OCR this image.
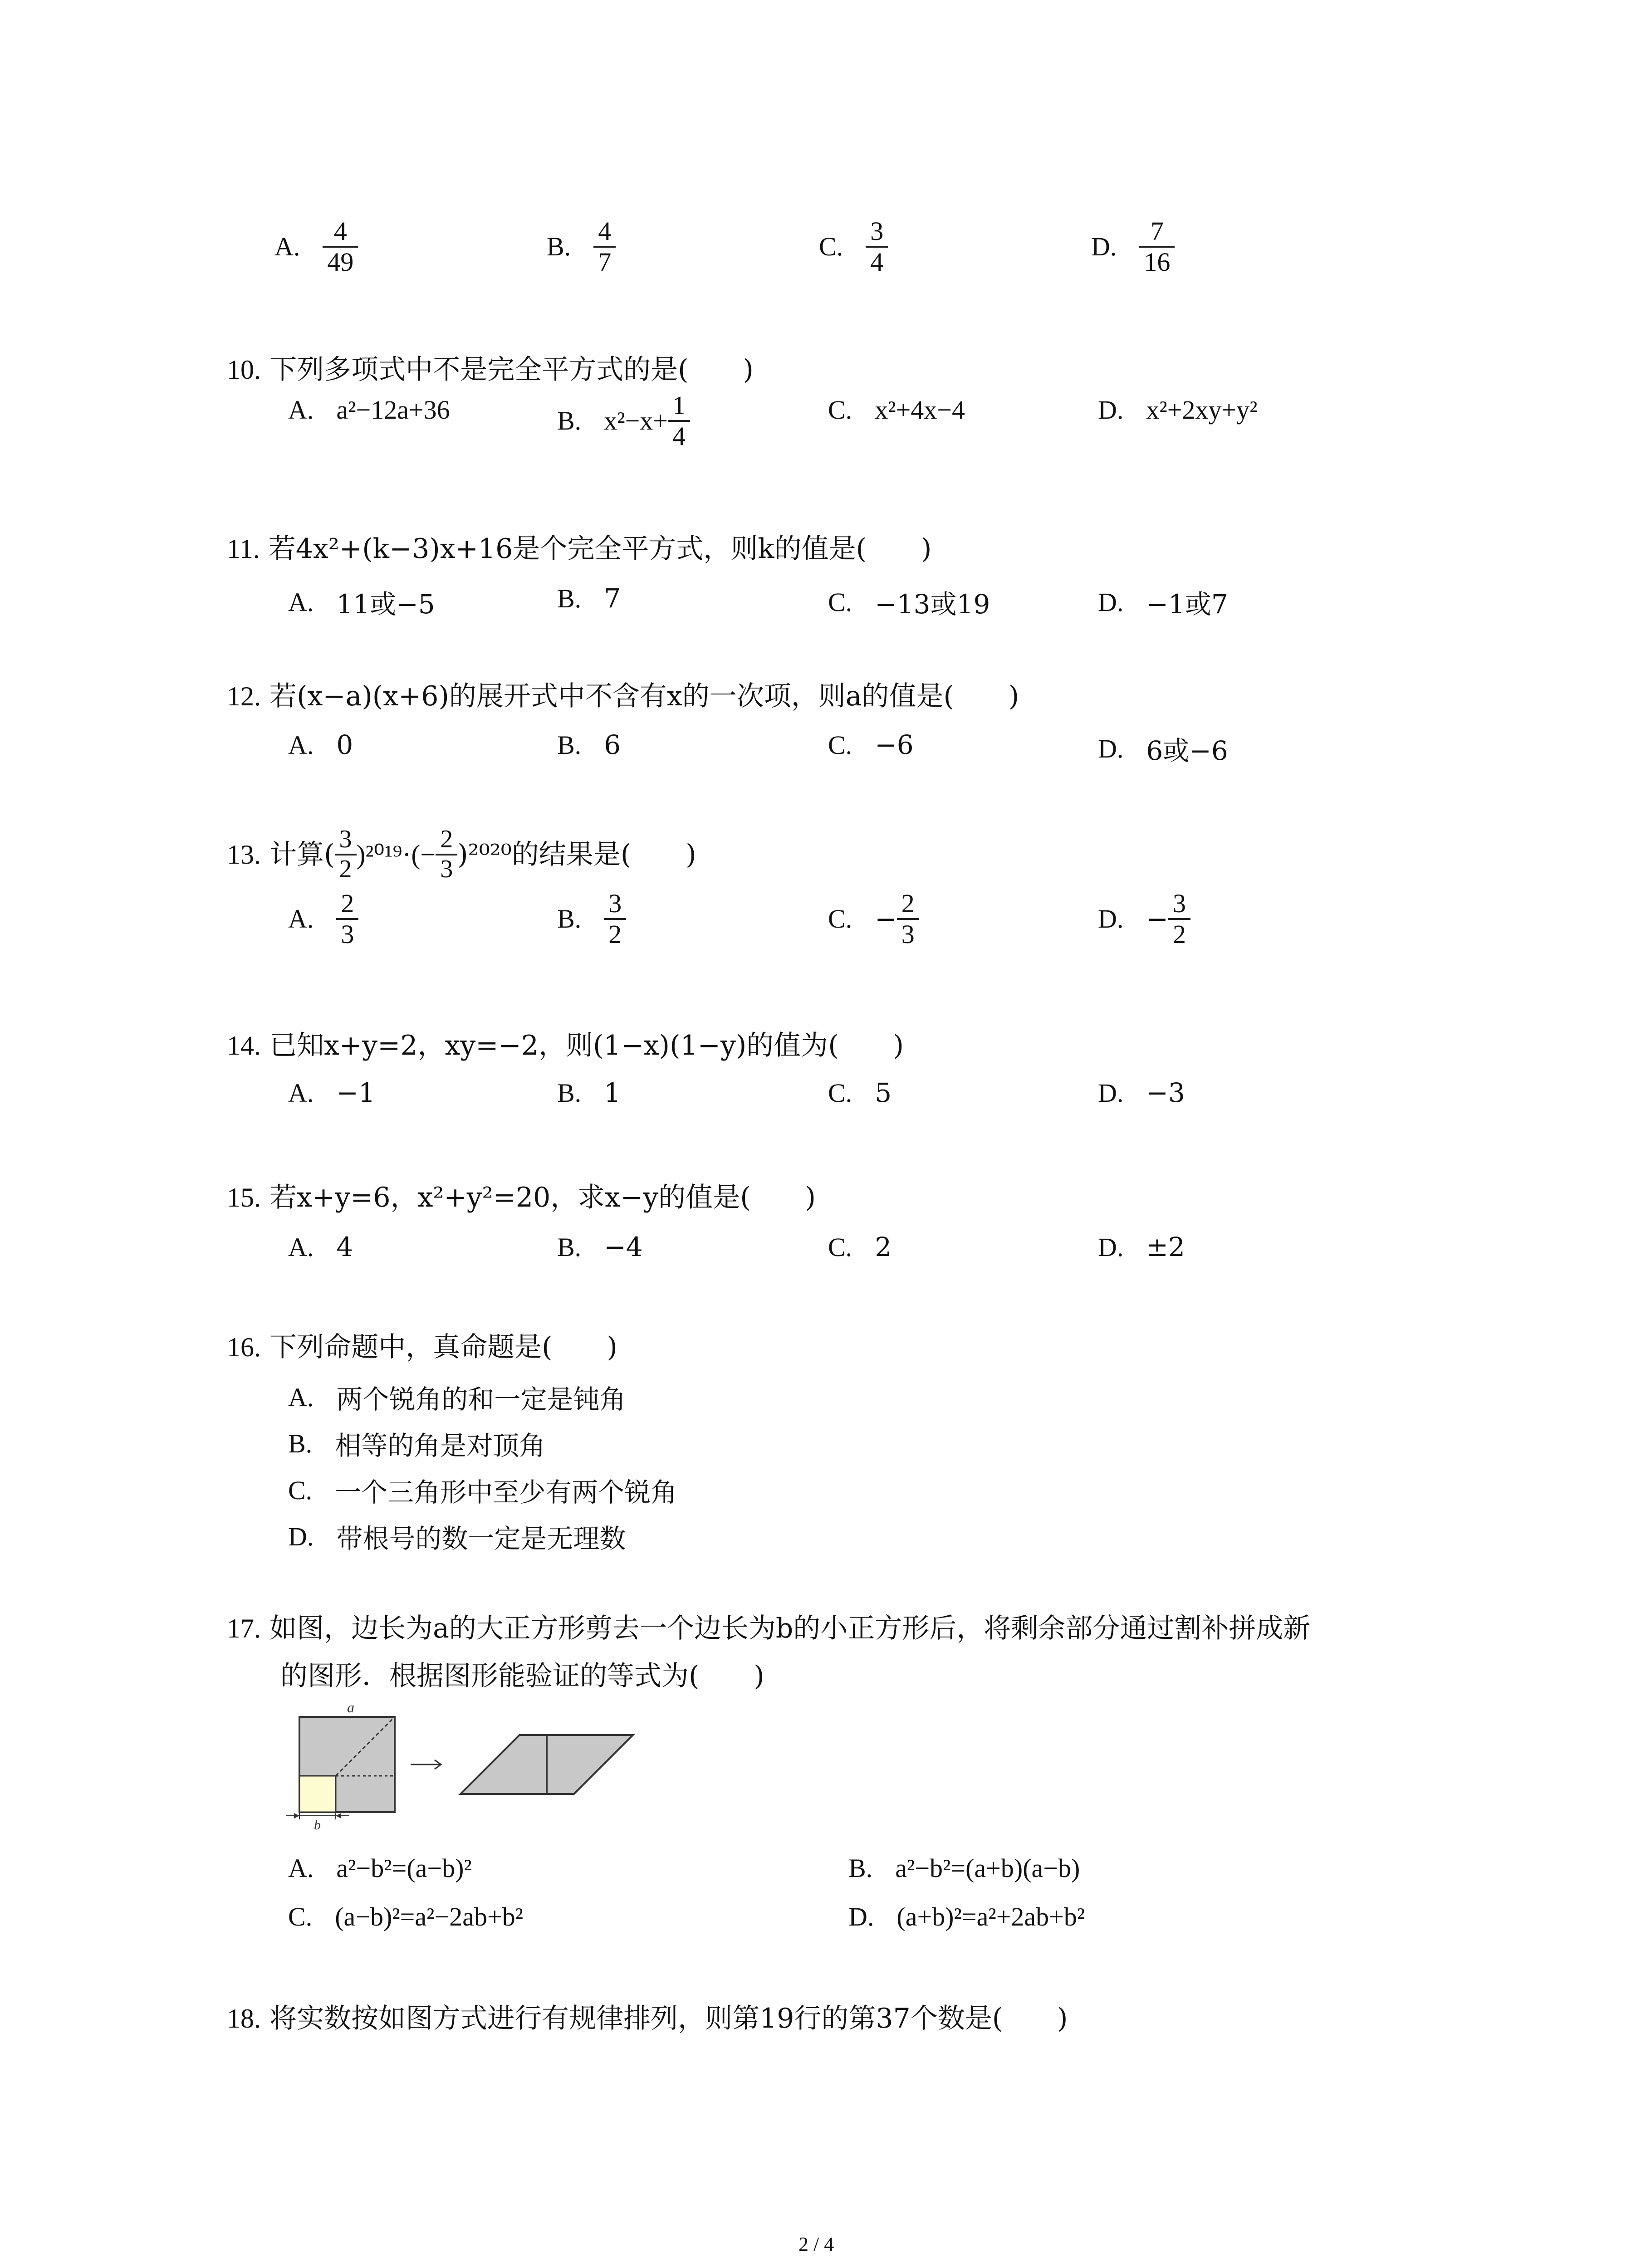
A. $\frac{4}{49}$	B. $\frac{4}{7}$	C. $\frac{3}{4}$	D. $\frac{7}{16}$
10. 下列多项式中不是完全平方式的是(　　)
A. a²−12a+36	B. $x^2-x+ \frac{1}{4}$	C. x²+4x−4	D. x²+2xy+y²
11. 若4x²+(k−3)x+16是个完全平方式，则k的值是(　　)
A. 11或−5	B. 7	C. −13或19	D. −1或7
12. 若(x−a)(x+6)的展开式中不含有x的一次项，则a的值是(　　)
A. 0	B. 6	C. −6	D. 6或−6
13.
计算( $\frac{3}{2} )^{2019}\cdot(- \frac{2}{3} )^{2020}$的结果是(　　)
A. $\frac{2}{3}$	B. $\frac{3}{2}$	C. − $\frac{2}{3}$	D. − $\frac{3}{2}$
14. 已知x+y=2，xy=−2，则(1−x)(1−y)的值为(　　)
A. −1	B. 1	C. 5	D. −3
15. 若x+y=6，x²+y²=20，求x−y的值是(　　)
A. 4	B. −4	C. 2	D. ±2
16. 下列命题中，真命题是(　　)
A. 两个锐角的和一定是钝角
B. 相等的角是对顶角
C. 一个三角形中至少有两个锐角
D. 带根号的数一定是无理数
17. 如图，边长为a的大正方形剪去一个边长为b的小正方形后，将剩余部分通过割补拼成新
的图形．根据图形能验证的等式为(　　)
a
b
A. a²−b²=(a−b)²	B. a²−b²=(a+b)(a−b)
C. (a−b)²=a²−2ab+b²	D. (a+b)²=a²+2ab+b²
18. 将实数按如图方式进行有规律排列，则第19行的第37个数是(　　)
2 / 4
